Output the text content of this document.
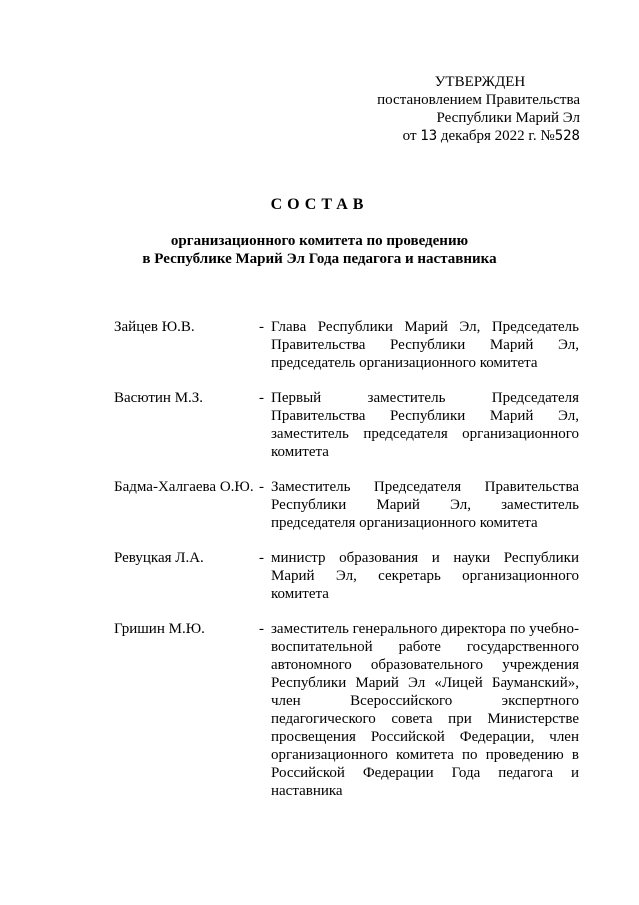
УТВЕРЖДЕН
постановлением Правительства
Республики Марий Эл
от 13 декабря 2022 г. №528
СОСТАВ
организационного комитета по проведению
в Республике Марий Эл Года педагога и наставника
Зайцев Ю.В.	- Глава Республики Марий Эл, Председатель Правительства Республики Марий Эл, председатель организационного комитета
Васютин М.З.	- Первый заместитель Председателя Правительства Республики Марий Эл, заместитель председателя организационного комитета
Бадма-Халгаева О.Ю. - Заместитель Председателя Правительства Республики Марий Эл, заместитель председателя организационного комитета
Ревуцкая Л.А.	- министр образования и науки Республики Марий Эл, секретарь организационного комитета
Гришин М.Ю.	- заместитель генерального директора по учебно-воспитательной работе государственного автономного образовательного учреждения Республики Марий Эл «Лицей Бауманский», член Всероссийского экспертного педагогического совета при Министерстве просвещения Российской Федерации, член организационного комитета по проведению в Российской Федерации Года педагога и наставника
